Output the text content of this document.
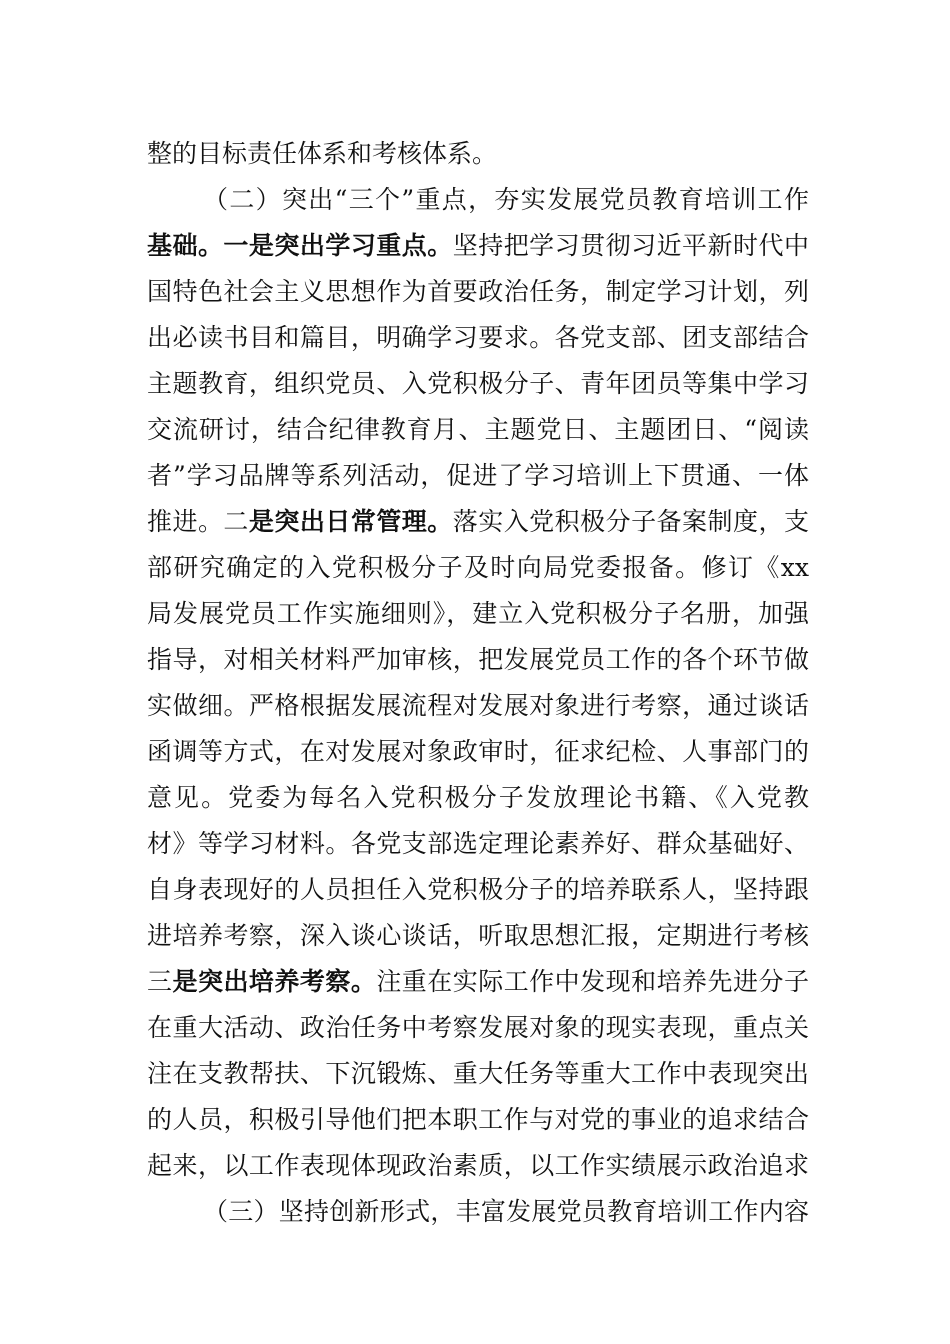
整的目标责任体系和考核体系。
（二）突出“三个”重点，夯实发展党员教育培训工作
基础。一是突出学习重点。坚持把学习贯彻习近平新时代中
国特色社会主义思想作为首要政治任务，制定学习计划，列
出必读书目和篇目，明确学习要求。各党支部、团支部结合
主题教育，组织党员、入党积极分子、青年团员等集中学习
交流研讨，结合纪律教育月、主题党日、主题团日、“阅读
者”学习品牌等系列活动，促进了学习培训上下贯通、一体
推进。二是突出日常管理。落实入党积极分子备案制度，支
部研究确定的入党积极分子及时向局党委报备。修订《xx
局发展党员工作实施细则》，建立入党积极分子名册，加强
指导，对相关材料严加审核，把发展党员工作的各个环节做
实做细。严格根据发展流程对发展对象进行考察，通过谈话
函调等方式，在对发展对象政审时，征求纪检、人事部门的
意见。党委为每名入党积极分子发放理论书籍、《入党教
材》等学习材料。各党支部选定理论素养好、群众基础好、
自身表现好的人员担任入党积极分子的培养联系人，坚持跟
进培养考察，深入谈心谈话，听取思想汇报，定期进行考核
三是突出培养考察。注重在实际工作中发现和培养先进分子
在重大活动、政治任务中考察发展对象的现实表现，重点关
注在支教帮扶、下沉锻炼、重大任务等重大工作中表现突出
的人员，积极引导他们把本职工作与对党的事业的追求结合
起来，以工作表现体现政治素质，以工作实绩展示政治追求
（三）坚持创新形式，丰富发展党员教育培训工作内容
